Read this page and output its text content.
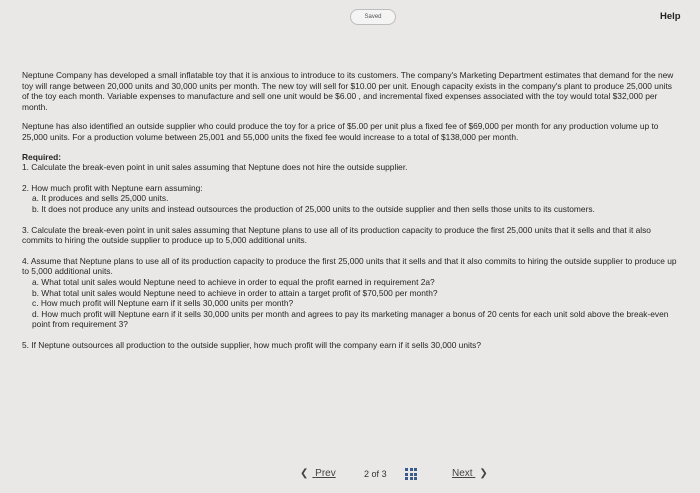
Saved	Help

Neptune Company has developed a small inflatable toy that it is anxious to introduce to its customers. The company's Marketing Department estimates that demand for the new toy will range between 20,000 units and 30,000 units per month. The new toy will sell for $10.00 per unit. Enough capacity exists in the company's plant to produce 25,000 units of the toy each month. Variable expenses to manufacture and sell one unit would be $6.00 , and incremental fixed expenses associated with the toy would total $32,000 per month.

Neptune has also identified an outside supplier who could produce the toy for a price of $5.00 per unit plus a fixed fee of $69,000 per month for any production volume up to 25,000 units. For a production volume between 25,001 and 55,000 units the fixed fee would increase to a total of $138,000 per month.

Required:

1. Calculate the break-even point in unit sales assuming that Neptune does not hire the outside supplier.

2. How much profit with Neptune earn assuming:

a. It produces and sells 25,000 units.

b. It does not produce any units and instead outsources the production of 25,000 units to the outside supplier and then sells those units to its customers.

3. Calculate the break-even point in unit sales assuming that Neptune plans to use all of its production capacity to produce the first 25,000 units that it sells and that it also commits to hiring the outside supplier to produce up to 5,000 additional units.

4. Assume that Neptune plans to use all of its production capacity to produce the first 25,000 units that it sells and that it also commits to hiring the outside supplier to produce up to 5,000 additional units.

a. What total unit sales would Neptune need to achieve in order to equal the profit earned in requirement 2a?

b. What total unit sales would Neptune need to achieve in order to attain a target profit of $70,500 per month?

c. How much profit will Neptune earn if it sells 30,000 units per month?

d. How much profit will Neptune earn if it sells 30,000 units per month and agrees to pay its marketing manager a bonus of 20 cents for each unit sold above the break-even point from requirement 3?

5. If Neptune outsources all production to the outside supplier, how much profit will the company earn if it sells 30,000 units?

❮ Prev	2 of 3	Next ❯
